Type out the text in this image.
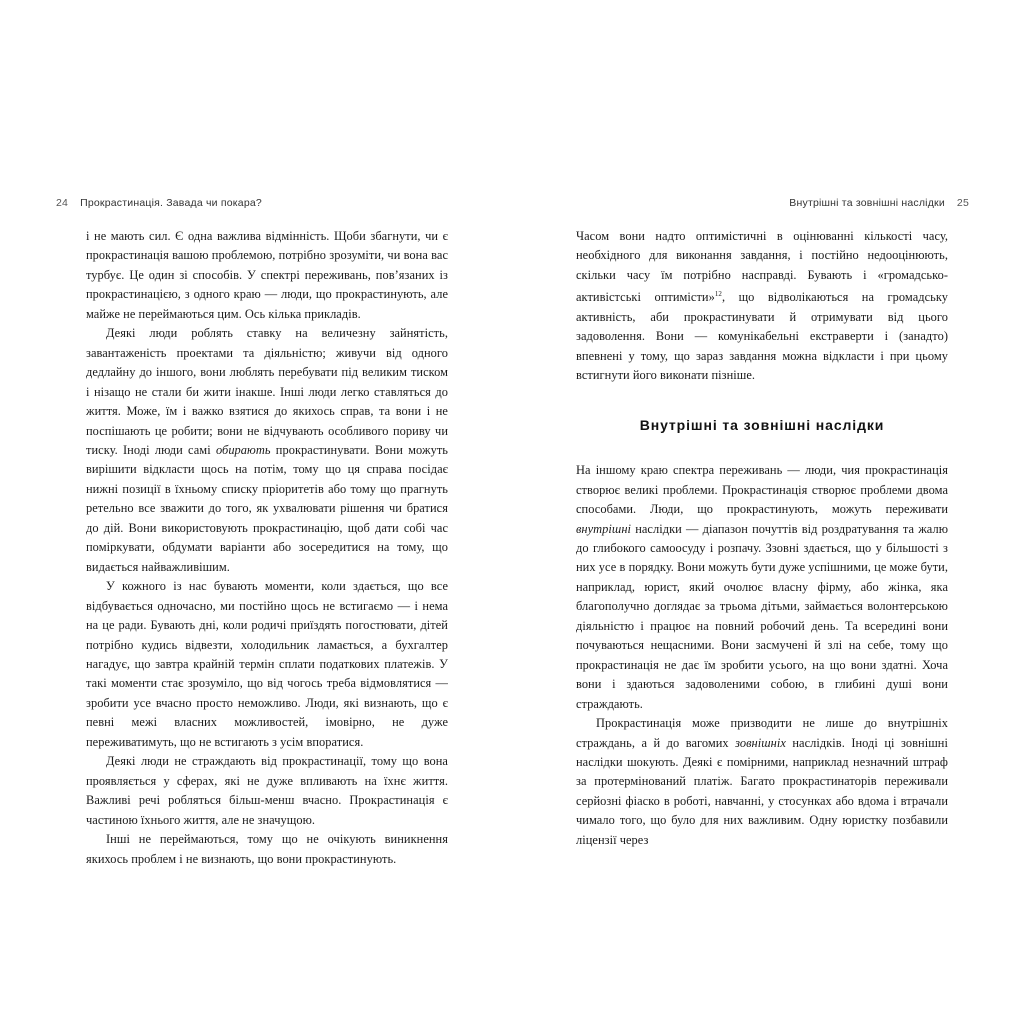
24 Прокрастинація. Завада чи покара?

і не мають сил. Є одна важлива відмінність. Щоби збагнути, чи є прокрастинація вашою проблемою, потрібно зрозуміти, чи вона вас турбує. Це один зі способів. У спектрі переживань, пов’язаних із прокрастинацією, з одного краю — люди, що прокрастинують, але майже не переймаються цим. Ось кілька прикладів.

Деякі люди роблять ставку на величезну зайнятість, завантаженість проектами та діяльністю; живучи від одного дедлайну до іншого, вони люблять перебувати під великим тиском і нізащо не стали би жити інакше. Інші люди легко ставляться до життя. Може, їм і важко взятися до якихось справ, та вони і не поспішають це робити; вони не відчувають особливого пориву чи тиску. Іноді люди самі обирають прокрастинувати. Вони можуть вирішити відкласти щось на потім, тому що ця справа посідає нижні позиції в їхньому списку пріоритетів або тому що прагнуть ретельно все зважити до того, як ухвалювати рішення чи братися до дій. Вони використовують прокрастинацію, щоб дати собі час поміркувати, обдумати варіанти або зосередитися на тому, що видається найважливішим.

У кожного із нас бувають моменти, коли здається, що все відбувається одночасно, ми постійно щось не встигаємо — і нема на це ради. Бувають дні, коли родичі приїздять погостювати, дітей потрібно кудись відвезти, холодильник ламається, а бухгалтер нагадує, що завтра крайній термін сплати податкових платежів. У такі моменти стає зрозуміло, що від чогось треба відмовлятися — зробити усе вчасно просто неможливо. Люди, які визнають, що є певні межі власних можливостей, імовірно, не дуже переживатимуть, що не встигають з усім впоратися.

Деякі люди не страждають від прокрастинації, тому що вона проявляється у сферах, які не дуже впливають на їхнє життя. Важливі речі робляться більш-менш вчасно. Прокрастинація є частиною їхнього життя, але не значущою.

Інші не переймаються, тому що не очікують виникнення якихось проблем і не визнають, що вони прокрастинують.

Внутрішні та зовнішні наслідки 25

Часом вони надто оптимістичні в оцінюванні кількості часу, необхідного для виконання завдання, і постійно недооцінюють, скільки часу їм потрібно насправді. Бувають і «громадсько-активістські оптимісти»$^{12}$, що відволікаються на громадську активність, аби прокрастинувати й отримувати від цього задоволення. Вони — комунікабельні екстраверти і (занадто) впевнені у тому, що зараз завдання можна відкласти і при цьому встигнути його виконати пізніше.

Внутрішні та зовнішні наслідки

На іншому краю спектра переживань — люди, чия прокрастинація створює великі проблеми. Прокрастинація створює проблеми двома способами. Люди, що прокрастинують, можуть переживати внутрішні наслідки — діапазон почуттів від роздратування та жалю до глибокого самоосуду і розпачу. Ззовні здається, що у більшості з них усе в порядку. Вони можуть бути дуже успішними, це може бути, наприклад, юрист, який очолює власну фірму, або жінка, яка благополучно доглядає за трьома дітьми, займається волонтерською діяльністю і працює на повний робочий день. Та всередині вони почуваються нещасними. Вони засмучені й злі на себе, тому що прокрастинація не дає їм зробити усього, на що вони здатні. Хоча вони і здаються задоволеними собою, в глибині душі вони страждають.

Прокрастинація може призводити не лише до внутрішніх страждань, а й до вагомих зовнішніх наслідків. Іноді ці зовнішні наслідки шокують. Деякі є помірними, наприклад незначний штраф за протермінований платіж. Багато прокрастинаторів переживали серйозні фіаско в роботі, навчанні, у стосунках або вдома і втрачали чимало того, що було для них важливим. Одну юристку позбавили ліцензії через
